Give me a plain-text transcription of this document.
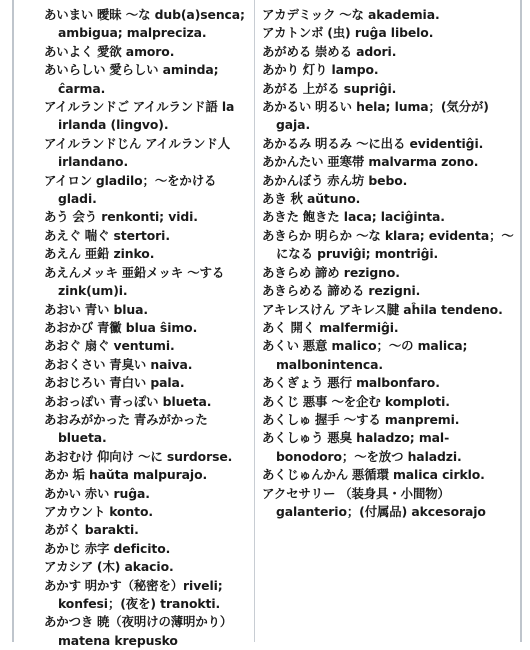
あいまい 曖昧 ～な dub(a)senca; ambigua; malpreciza.

あいよく 愛欲 amoro.

あいらしい 愛らしい aminda; ĉarma.

アイルランドご アイルランド語 la irlanda (lingvo).

アイルランドじん アイルランド人 irlandano.

アイロン gladilo；～をかける gladi.

あう 会う renkonti; vidi.

あえぐ 喘ぐ stertori.

あえん 亜鉛 zinko.

あえんメッキ 亜鉛メッキ ～する zink(um)i.

あおい 青い blua.

あおかび 青黴 blua ŝimo.

あおぐ 扇ぐ ventumi.

あおくさい 青臭い naiva.

あおじろい 青白い pala.

あおっぽい 青っぽい blueta.

あおみがかった 青みがかった blueta.

あおむけ 仰向け ～に surdorse.

あか 垢 haŭta malpurajo.

あかい 赤い ruĝa.

アカウント konto.

あがく barakti.

あかじ 赤字 deficito.

アカシア (木) akacio.

あかす 明かす（秘密を）riveli; konfesi；(夜を) tranokti.

あかつき 暁（夜明けの薄明かり） matena krepusko

アカデミック ～な akademia.

アカトンボ (虫) ruĝa libelo.

あがめる 崇める adori.

あかり 灯り lampo.

あがる 上がる supriĝi.

あかるい 明るい hela; luma；(気分が) gaja.

あかるみ 明るみ ～に出る evidentiĝi.

あかんたい 亜寒帯 malvarma zono.

あかんぼう 赤ん坊 bebo.

あき 秋 aŭtuno.

あきた 飽きた laca; laciĝinta.

あきらか 明らか ～な klara; evidenta；～になる pruviĝi; montriĝi.

あきらめ 諦め rezigno.

あきらめる 諦める rezigni.

アキレスけん アキレス腱 aĥila tendeno.

あく 開く malfermiĝi.

あくい 悪意 malico；～の malica; malbonintenca.

あくぎょう 悪行 malbonfaro.

あくじ 悪事 ～を企む komploti.

あくしゅ 握手 ～する manpremi.

あくしゅう 悪臭 haladzo; malbonodoro；～を放つ haladzi.

あくじゅんかん 悪循環 malica cirklo.

アクセサリー （装身具・小間物） galanterio；(付属品) akcesorajo
